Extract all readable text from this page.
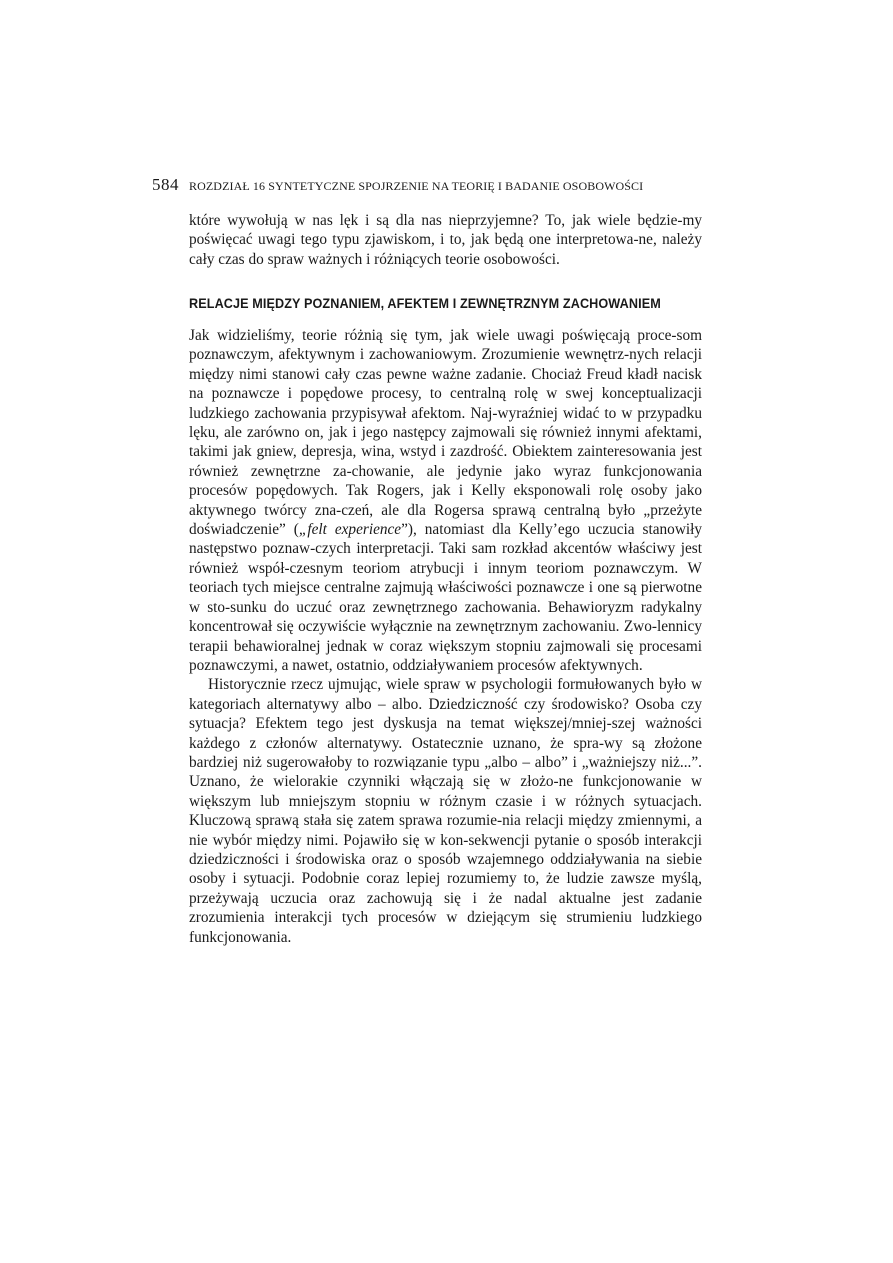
584 ROZDZIAŁ 16 SYNTETYCZNE SPOJRZENIE NA TEORIĘ I BADANIE OSOBOWOŚCI

które wywołują w nas lęk i są dla nas nieprzyjemne? To, jak wiele będzie-my poświęcać uwagi tego typu zjawiskom, i to, jak będą one interpretowa-ne, należy cały czas do spraw ważnych i różniących teorie osobowości.

RELACJE MIĘDZY POZNANIEM, AFEKTEM I ZEWNĘTRZNYM ZACHOWANIEM

Jak widzieliśmy, teorie różnią się tym, jak wiele uwagi poświęcają proce-som poznawczym, afektywnym i zachowaniowym. Zrozumienie wewnętrz-nych relacji między nimi stanowi cały czas pewne ważne zadanie. Chociaż Freud kładł nacisk na poznawcze i popędowe procesy, to centralną rolę w swej konceptualizacji ludzkiego zachowania przypisywał afektom. Naj-wyraźniej widać to w przypadku lęku, ale zarówno on, jak i jego następcy zajmowali się również innymi afektami, takimi jak gniew, depresja, wina, wstyd i zazdrość. Obiektem zainteresowania jest również zewnętrzne za-chowanie, ale jedynie jako wyraz funkcjonowania procesów popędowych. Tak Rogers, jak i Kelly eksponowali rolę osoby jako aktywnego twórcy zna-czeń, ale dla Rogersa sprawą centralną było „przeżyte doświadczenie” („felt experience”), natomiast dla Kelly’ego uczucia stanowiły następstwo poznaw-czych interpretacji. Taki sam rozkład akcentów właściwy jest również współ-czesnym teoriom atrybucji i innym teoriom poznawczym. W teoriach tych miejsce centralne zajmują właściwości poznawcze i one są pierwotne w sto-sunku do uczuć oraz zewnętrznego zachowania. Behawioryzm radykalny koncentrował się oczywiście wyłącznie na zewnętrznym zachowaniu. Zwo-lennicy terapii behawioralnej jednak w coraz większym stopniu zajmowali się procesami poznawczymi, a nawet, ostatnio, oddziaływaniem procesów afektywnych.

Historycznie rzecz ujmując, wiele spraw w psychologii formułowanych było w kategoriach alternatywy albo – albo. Dziedziczność czy środowisko? Osoba czy sytuacja? Efektem tego jest dyskusja na temat większej/mniej-szej ważności każdego z członów alternatywy. Ostatecznie uznano, że spra-wy są złożone bardziej niż sugerowałoby to rozwiązanie typu „albo – albo” i „ważniejszy niż...”. Uznano, że wielorakie czynniki włączają się w złożo-ne funkcjonowanie w większym lub mniejszym stopniu w różnym czasie i w różnych sytuacjach. Kluczową sprawą stała się zatem sprawa rozumie-nia relacji między zmiennymi, a nie wybór między nimi. Pojawiło się w kon-sekwencji pytanie o sposób interakcji dziedziczności i środowiska oraz o sposób wzajemnego oddziaływania na siebie osoby i sytuacji. Podobnie coraz lepiej rozumiemy to, że ludzie zawsze myślą, przeżywają uczucia oraz zachowują się i że nadal aktualne jest zadanie zrozumienia interakcji tych procesów w dziejącym się strumieniu ludzkiego funkcjonowania.
